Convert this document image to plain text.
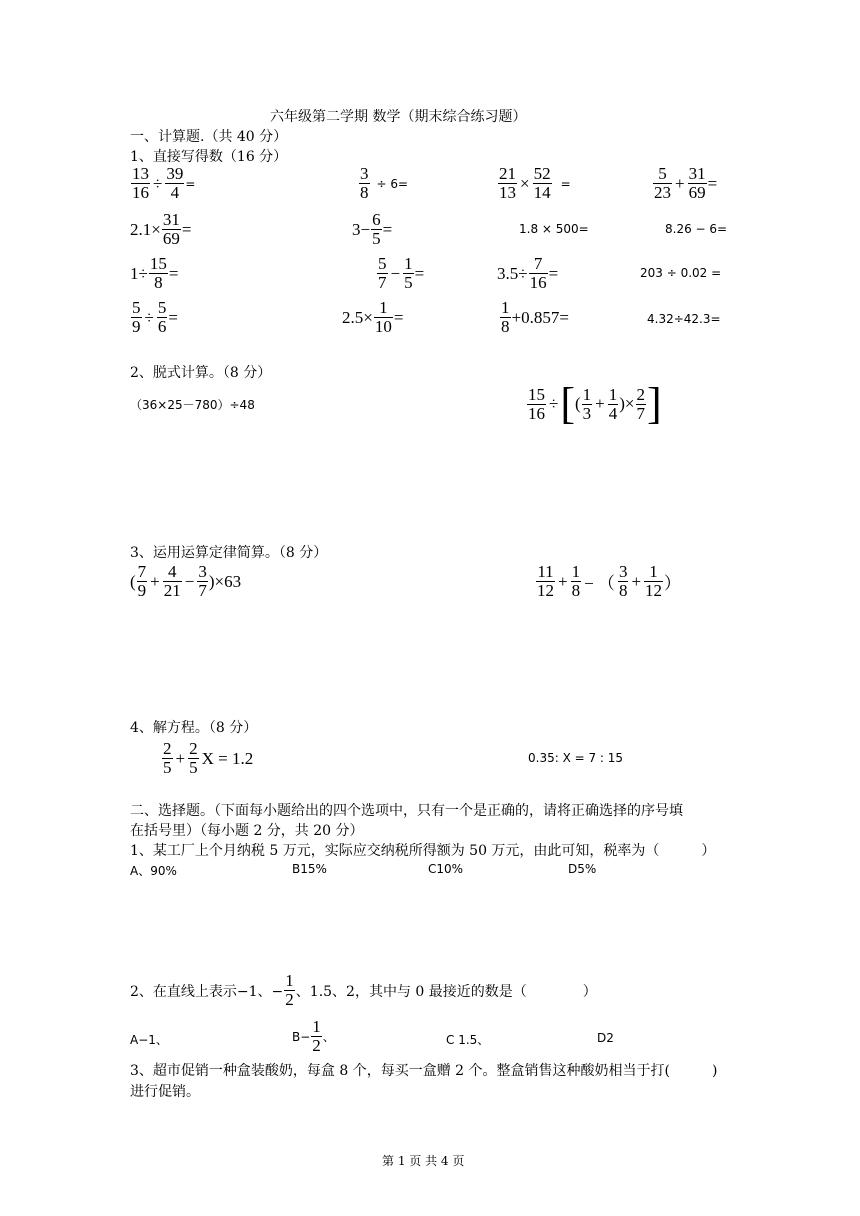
六年级第二学期 数学（期末综合练习题）
一、计算题.（共 40 分）
1、直接写得数（16 分）
$\frac{13}{16} \div \frac{39}{4}$ =	$\frac{3}{8} \div 6=$	$\frac{21}{13} \times \frac{52}{14}$ =	$\frac{5}{23} + \frac{31}{69}$ =
$2.1\times \frac{31}{69}$ =	$3- \frac{6}{5}$ =	1.8 × 500=	8.26 − 6=
$1\div \frac{15}{8}$ =	$\frac{5}{7} - \frac{1}{5}$ =	$3.5\div \frac{7}{16}$ =	203 ÷ 0.02 =
$\frac{5}{9} \div \frac{5}{6}$ =	$2.5\times \frac{1}{10}$ =	$\frac{1}{8} +0.857=$	4.32÷42.3=
2、脱式计算。（8 分）
（36×25－780）÷48	$\frac{15}{16}$ ÷ [ ( $\frac{1}{3} + \frac{1}{4}$ )× $\frac{2}{7}$ ]
3、运用运算定律简算。（8 分）
( $\frac{7}{9} + \frac{4}{21} - \frac{3}{7} )\times 63$	$\frac{11}{12} + \frac{1}{8}$ − （ $\frac{3}{8} + \frac{1}{12}$ ）
4、解方程。（8 分）
$\frac{2}{5} + \frac{2}{5}$ X = 1.2	0.35: X = 7 : 15
二、选择题。（下面每小题给出的四个选项中，只有一个是正确的，请将正确选择的序号填
在括号里）（每小题 2 分，共 20 分）
1、某工厂上个月纳税 5 万元，实际应交纳税所得额为 50 万元，由此可知，税率为（　　　）
A、90%	B15%	C10%	D5%
2、在直线上表示−1、− $\frac{1}{2}$ 、1.5、2，其中与 0 最接近的数是（　　　　）
A−1、	$B- \frac{1}{2}$ 、	C 1.5、	D2
3、超市促销一种盒装酸奶，每盒 8 个，每买一盒赠 2 个。整盒销售这种酸奶相当于打(　　　)
进行促销。
第 1 页 共 4 页
